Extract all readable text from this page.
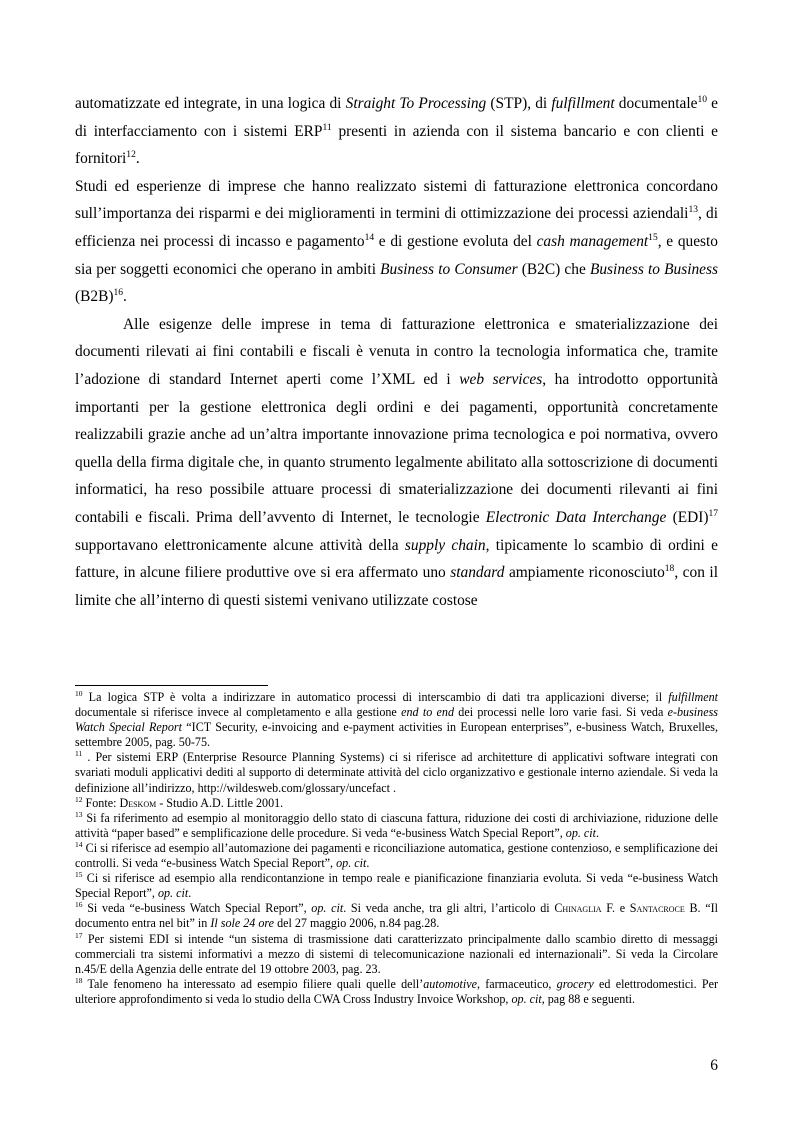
automatizzate ed integrate, in una logica di Straight To Processing (STP), di fulfillment documentale$^{10}$ e di interfacciamento con i sistemi ERP$^{11}$ presenti in azienda con il sistema bancario e con clienti e fornitori$^{12}$.

Studi ed esperienze di imprese che hanno realizzato sistemi di fatturazione elettronica concordano sull’importanza dei risparmi e dei miglioramenti in termini di ottimizzazione dei processi aziendali$^{13}$, di efficienza nei processi di incasso e pagamento$^{14}$ e di gestione evoluta del cash management$^{15}$, e questo sia per soggetti economici che operano in ambiti Business to Consumer (B2C) che Business to Business $(B2B)^{16}$.

Alle esigenze delle imprese in tema di fatturazione elettronica e smaterializzazione dei documenti rilevati ai fini contabili e fiscali è venuta in contro la tecnologia informatica che, tramite l’adozione di standard Internet aperti come l’XML ed i web services, ha introdotto opportunità importanti per la gestione elettronica degli ordini e dei pagamenti, opportunità concretamente realizzabili grazie anche ad un’altra importante innovazione prima tecnologica e poi normativa, ovvero quella della firma digitale che, in quanto strumento legalmente abilitato alla sottoscrizione di documenti informatici, ha reso possibile attuare processi di smaterializzazione dei documenti rilevanti ai fini contabili e fiscali. Prima dell’avvento di Internet, le tecnologie Electronic Data Interchange (EDI)$^{17}$ supportavano elettronicamente alcune attività della supply chain, tipicamente lo scambio di ordini e fatture, in alcune filiere produttive ove si era affermato uno standard ampiamente riconosciuto$^{18}$, con il limite che all’interno di questi sistemi venivano utilizzate costose

$^{10}$ La logica STP è volta a indirizzare in automatico processi di interscambio di dati tra applicazioni diverse; il fulfillment documentale si riferisce invece al completamento e alla gestione end to end dei processi nelle loro varie fasi. Si veda e-business Watch Special Report “ICT Security, e-invoicing and e-payment activities in European enterprises”, e-business Watch, Bruxelles, settembre 2005, pag. 50-75.

$^{11}$ . Per sistemi ERP (Enterprise Resource Planning Systems) ci si riferisce ad architetture di applicativi software integrati con svariati moduli applicativi dediti al supporto di determinate attività del ciclo organizzativo e gestionale interno aziendale. Si veda la definizione all’indirizzo, http://wildesweb.com/glossary/uncefact .

$^{12}$ Fonte: Deskom - Studio A.D. Little 2001.

$^{13}$ Si fa riferimento ad esempio al monitoraggio dello stato di ciascuna fattura, riduzione dei costi di archiviazione, riduzione delle attività “paper based” e semplificazione delle procedure. Si veda “e-business Watch Special Report”, op. cit.

$^{14}$ Ci si riferisce ad esempio all’automazione dei pagamenti e riconciliazione automatica, gestione contenzioso, e semplificazione dei controlli. Si veda “e-business Watch Special Report”, op. cit.

$^{15}$ Ci si riferisce ad esempio alla rendicontanzione in tempo reale e pianificazione finanziaria evoluta. Si veda “e-business Watch Special Report”, op. cit.

$^{16}$ Si veda “e-business Watch Special Report”, op. cit. Si veda anche, tra gli altri, l’articolo di Chinaglia F. e Santacroce B. “Il documento entra nel bit” in Il sole 24 ore del 27 maggio 2006, n.84 pag.28.

$^{17}$ Per sistemi EDI si intende “un sistema di trasmissione dati caratterizzato principalmente dallo scambio diretto di messaggi commerciali tra sistemi informativi a mezzo di sistemi di telecomunicazione nazionali ed internazionali”. Si veda la Circolare n.45/E della Agenzia delle entrate del 19 ottobre 2003, pag. 23.

$^{18}$ Tale fenomeno ha interessato ad esempio filiere quali quelle dell’automotive, farmaceutico, grocery ed elettrodomestici. Per ulteriore approfondimento si veda lo studio della CWA Cross Industry Invoice Workshop, op. cit, pag 88 e seguenti.

6
